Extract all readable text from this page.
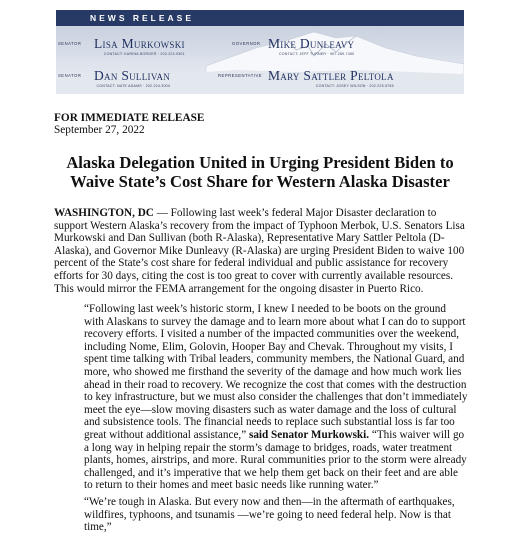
NEWS RELEASE
SENATOR Lisa Murkowski
CONTACT: KARINA BORGER · 202.224.9301
GOVERNOR Mike Dunleavy
CONTACT: JEFF TURNER · 907.269.7450
SENATOR Dan Sullivan
CONTACT: NATE ADAMS · 202.224.3004
REPRESENTATIVE Mary Sattler Peltola
CONTACT: JOSEY WILSON · 202.225.5765
FOR IMMEDIATE RELEASE
September 27, 2022
Alaska Delegation United in Urging President Biden to
Waive State’s Cost Share for Western Alaska Disaster
WASHINGTON, DC — Following last week’s federal Major Disaster declaration to support Western Alaska’s recovery from the impact of Typhoon Merbok, U.S. Senators Lisa Murkowski and Dan Sullivan (both R-Alaska), Representative Mary Sattler Peltola (D-Alaska), and Governor Mike Dunleavy (R-Alaska) are urging President Biden to waive 100 percent of the State’s cost share for federal individual and public assistance for recovery efforts for 30 days, citing the cost is too great to cover with currently available resources. This would mirror the FEMA arrangement for the ongoing disaster in Puerto Rico.
“Following last week’s historic storm, I knew I needed to be boots on the ground with Alaskans to survey the damage and to learn more about what I can do to support recovery efforts. I visited a number of the impacted communities over the weekend, including Nome, Elim, Golovin, Hooper Bay and Chevak. Throughout my visits, I spent time talking with Tribal leaders, community members, the National Guard, and more, who showed me firsthand the severity of the damage and how much work lies ahead in their road to recovery. We recognize the cost that comes with the destruction to key infrastructure, but we must also consider the challenges that don’t immediately meet the eye—slow moving disasters such as water damage and the loss of cultural and subsistence tools. The financial needs to replace such substantial loss is far too great without additional assistance,” said Senator Murkowski. “This waiver will go a long way in helping repair the storm’s damage to bridges, roads, water treatment plants, homes, airstrips, and more. Rural communities prior to the storm were already challenged, and it’s imperative that we help them get back on their feet and are able to return to their homes and meet basic needs like running water.”
“We’re tough in Alaska. But every now and then—in the aftermath of earthquakes, wildfires, typhoons, and tsunamis —we’re going to need federal help. Now is that time,”
